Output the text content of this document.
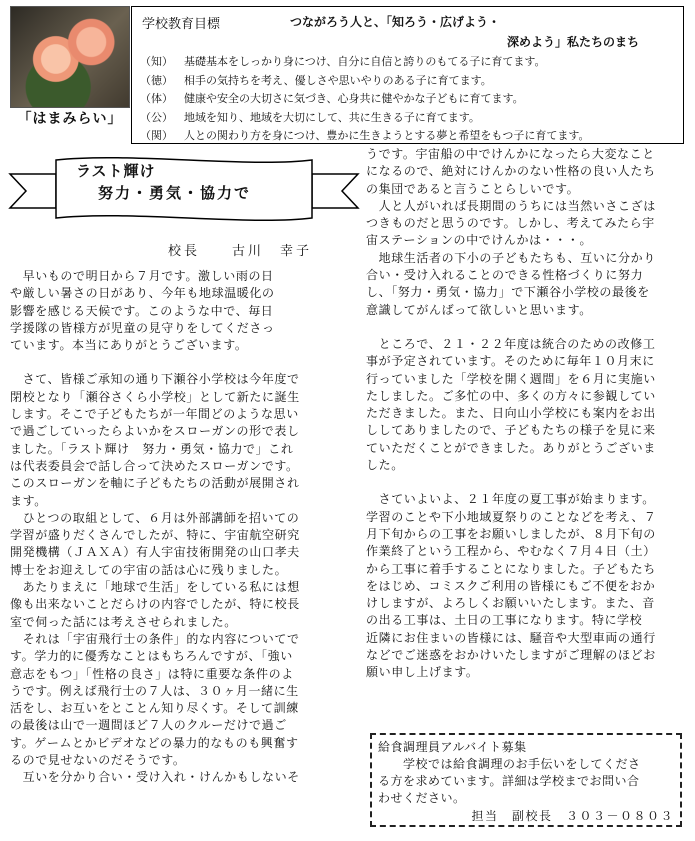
「はまみらい」
学校教育目標	つながろう人と、「知ろう・広げよう・
深めよう」私たちのまち
（知） 基礎基本をしっかり身につけ、自分に自信と誇りのもてる子に育てます。
（徳） 相手の気持ちを考え、優しさや思いやりのある子に育てます。
（体） 健康や安全の大切さに気づき、心身共に健やかな子どもに育てます。
（公） 地域を知り、地域を大切にして、共に生きる子に育てます。
（関） 人との関わり方を身につけ、豊かに生きようとする夢と希望をもつ子に育てます。
ラスト輝け
努力・勇気・協力で
校長　　古川　幸子

　早いもので明日から７月です。激しい雨の日

や厳しい暑さの日があり、今年も地球温暖化の

影響を感じる天候です。このような中で、毎日

学援隊の皆様方が児童の見守りをしてくださっ

ています。本当にありがとうございます。

　さて、皆様ご承知の通り下瀬谷小学校は今年度で

閉校となり「瀬谷さくら小学校」として新たに誕生

します。そこで子どもたちが一年間どのような思い

で過ごしていったらよいかをスローガンの形で表し

ました。「ラスト輝け　努力・勇気・協力で」これ

は代表委員会で話し合って決めたスローガンです。

このスローガンを軸に子どもたちの活動が展開され

ます。

　ひとつの取組として、６月は外部講師を招いての

学習が盛りだくさんでしたが、特に、宇宙航空研究

開発機構（ＪＡＸＡ）有人宇宙技術開発の山口孝夫

博士をお迎えしての宇宙の話は心に残りました。

　あたりまえに「地球で生活」をしている私には想

像も出来ないことだらけの内容でしたが、特に校長

室で伺った話には考えさせられました。

　それは「宇宙飛行士の条件」的な内容についてで

す。学力的に優秀なことはもちろんですが、「強い

意志をもつ」「性格の良さ」は特に重要な条件のよ

うです。例えば飛行士の７人は、３０ヶ月一緒に生

活をし、お互いをとことん知り尽くす。そして訓練

の最後は山で一週間ほど７人のクルーだけで過ご

す。ゲームとかビデオなどの暴力的なものも興奮す

るので見せないのだそうです。

　互いを分かり合い・受け入れ・けんかもしないそ

うです。宇宙船の中でけんかになったら大変なこと

になるので、絶対にけんかのない性格の良い人たち

の集団であると言うことらしいです。

　人と人がいれば長期間のうちには当然いさこざは

つきものだと思うのです。しかし、考えてみたら宇

宙ステーションの中でけんかは・・・。

　地球生活者の下小の子どもたちも、互いに分かり

合い・受け入れることのできる性格づくりに努力

し、「努力・勇気・協力」で下瀬谷小学校の最後を

意識してがんばって欲しいと思います。

　ところで、２１・２２年度は統合のための改修工

事が予定されています。そのために毎年１０月末に

行っていました「学校を開く週間」を６月に実施い

たしました。ご多忙の中、多くの方々に参観してい

ただきました。また、日向山小学校にも案内をお出

ししてありましたので、子どもたちの様子を見に来

ていただくことができました。ありがとうございま

した。

　さていよいよ、２１年度の夏工事が始まります。

学習のことや下小地域夏祭りのことなどを考え、７

月下旬からの工事をお願いしましたが、８月下旬の

作業終了という工程から、やむなく７月４日（土）

から工事に着手することになりました。子どもたち

をはじめ、コミスクご利用の皆様にもご不便をおか

けしますが、よろしくお願いいたします。また、音

の出る工事は、土日の工事になります。特に学校

近隣にお住まいの皆様には、騒音や大型車両の通行

などでご迷惑をおかけいたしますがご理解のほどお

願い申し上げます。

給食調理員アルバイト募集

　　学校では給食調理のお手伝いをしてくださ

る方を求めています。詳細は学校までお問い合

わせください。

担当　副校長　３０３－０８０３
